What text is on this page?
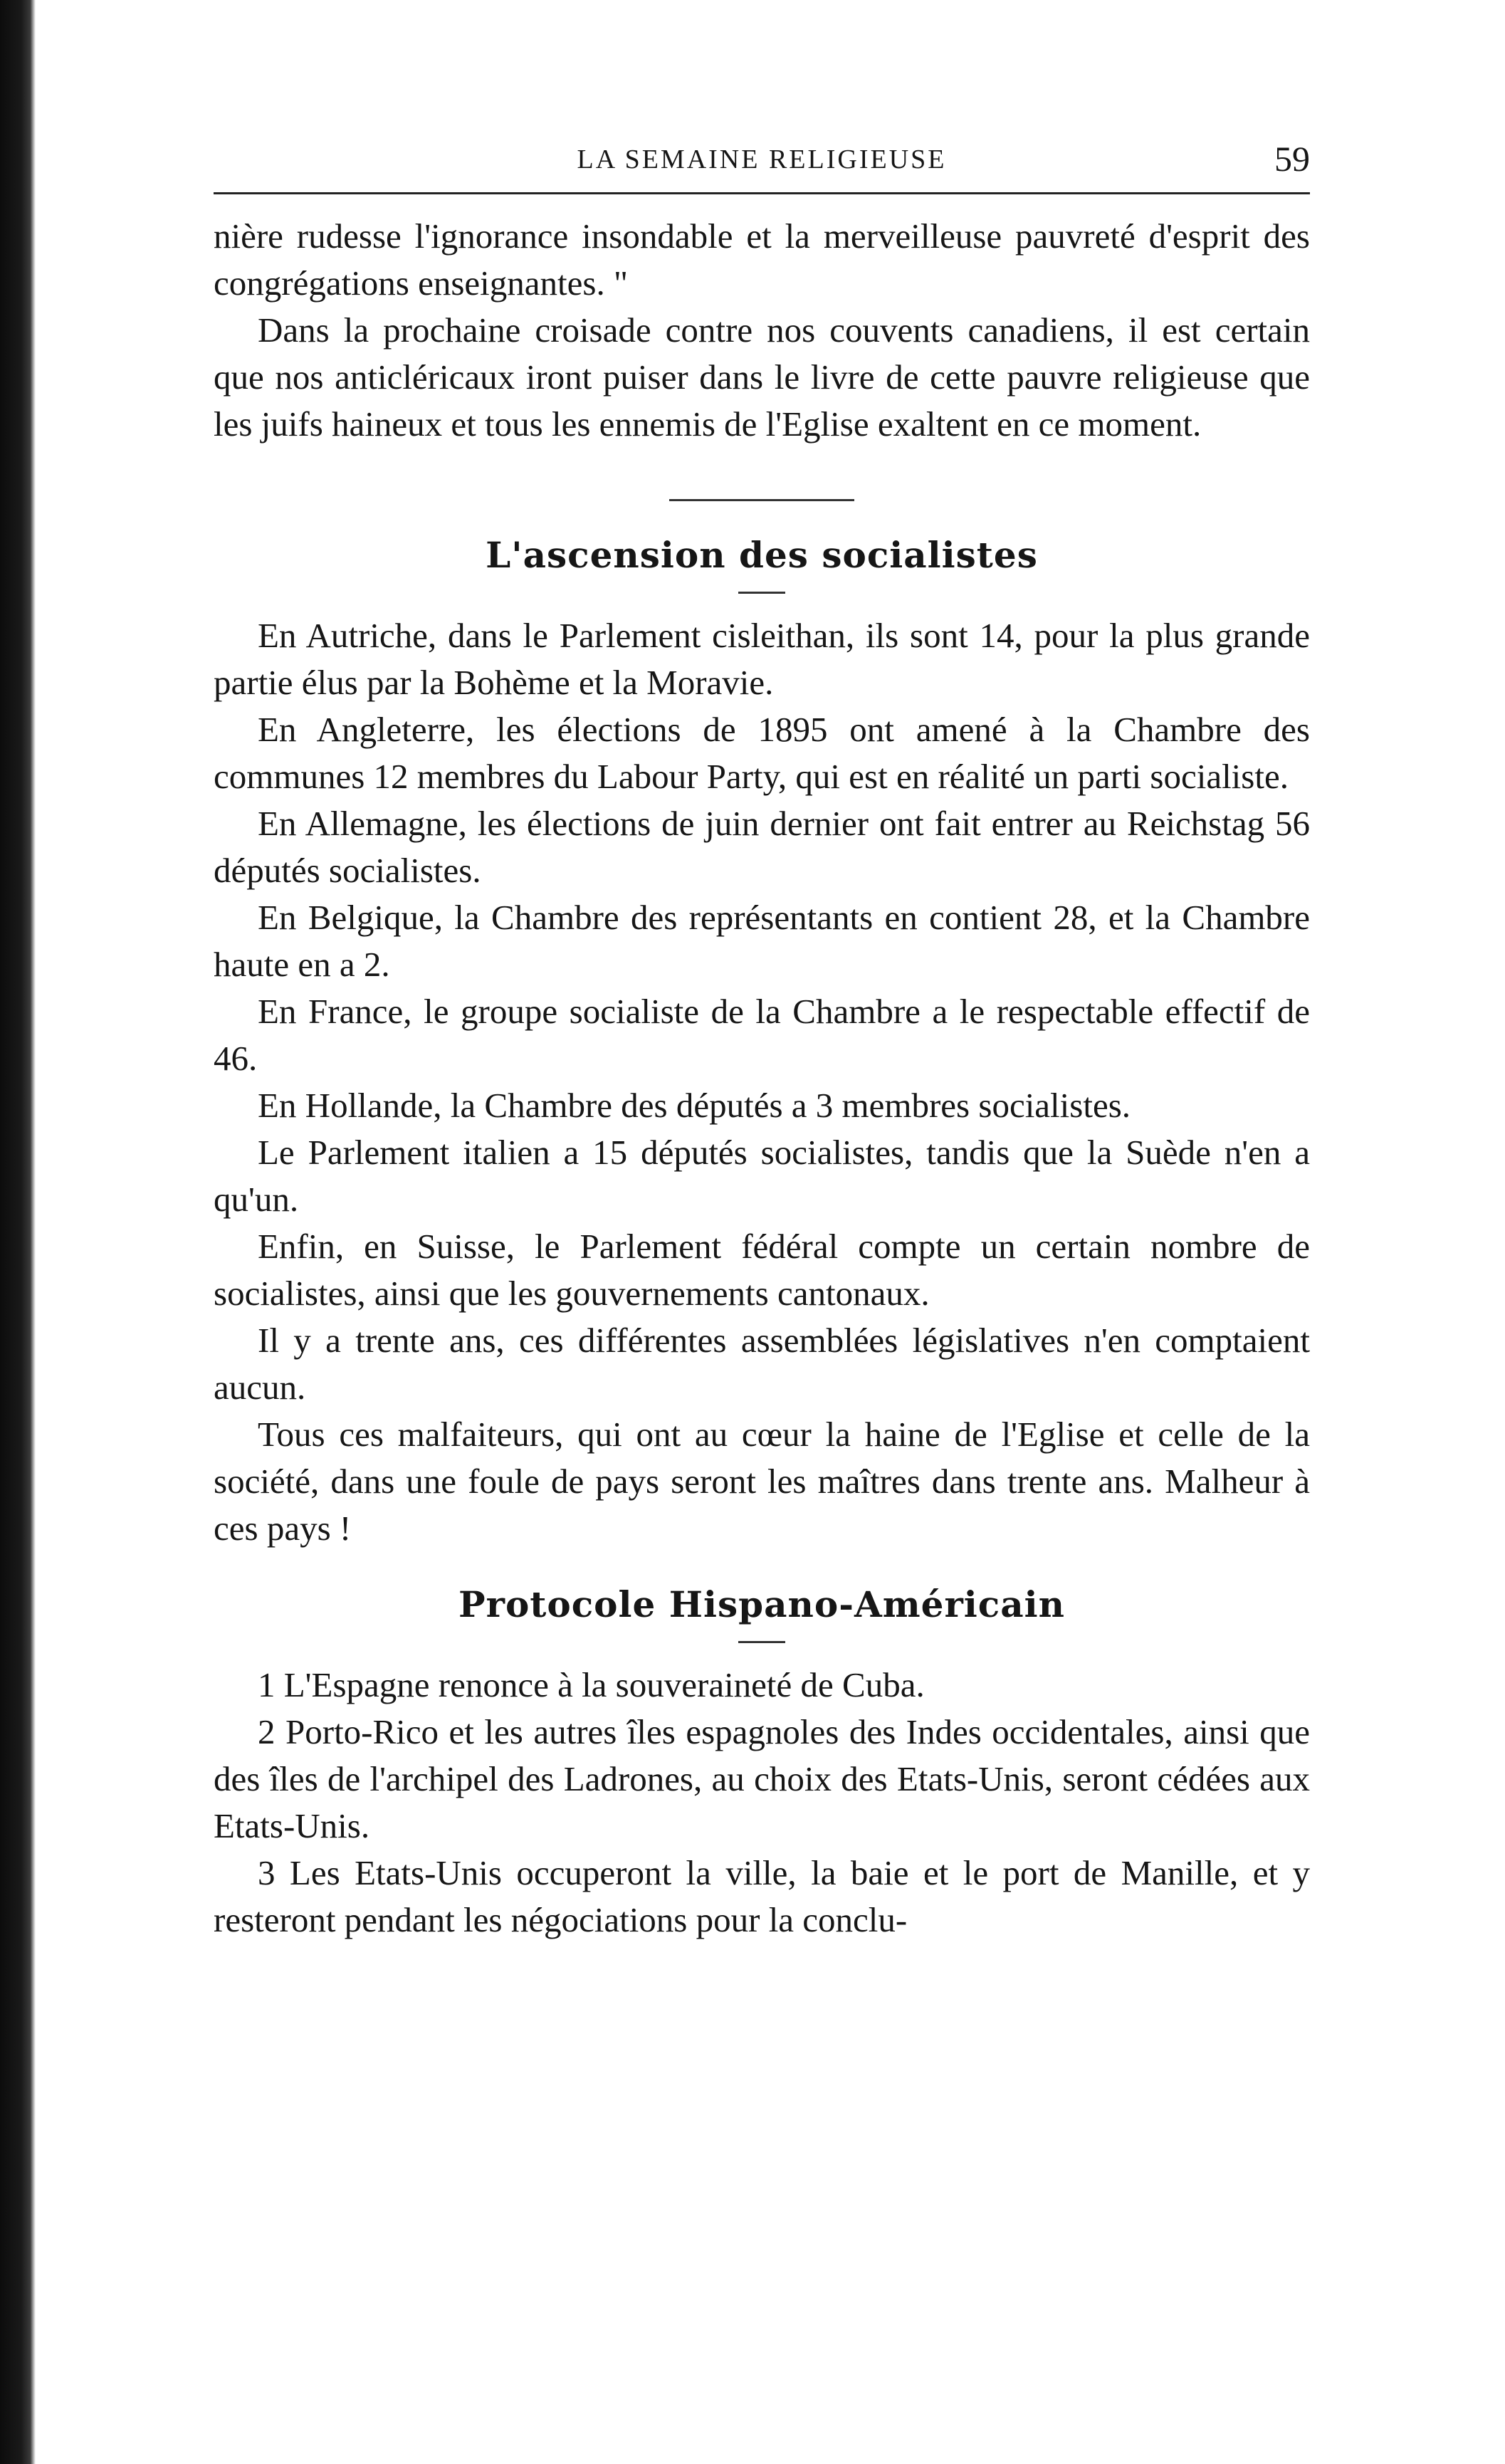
LA SEMAINE RELIGIEUSE	59

nière rudesse l'ignorance insondable et la merveilleuse pauvreté d'esprit des congrégations enseignantes. "

Dans la prochaine croisade contre nos couvents canadiens, il est certain que nos anticléricaux iront puiser dans le livre de cette pauvre religieuse que les juifs haineux et tous les ennemis de l'Eglise exaltent en ce moment.

L'ascension des socialistes

En Autriche, dans le Parlement cisleithan, ils sont 14, pour la plus grande partie élus par la Bohème et la Moravie.

En Angleterre, les élections de 1895 ont amené à la Chambre des communes 12 membres du Labour Party, qui est en réalité un parti socialiste.

En Allemagne, les élections de juin dernier ont fait entrer au Reichstag 56 députés socialistes.

En Belgique, la Chambre des représentants en contient 28, et la Chambre haute en a 2.

En France, le groupe socialiste de la Chambre a le respectable effectif de 46.

En Hollande, la Chambre des députés a 3 membres socialistes.

Le Parlement italien a 15 députés socialistes, tandis que la Suède n'en a qu'un.

Enfin, en Suisse, le Parlement fédéral compte un certain nombre de socialistes, ainsi que les gouvernements cantonaux.

Il y a trente ans, ces différentes assemblées législatives n'en comptaient aucun.

Tous ces malfaiteurs, qui ont au cœur la haine de l'Eglise et celle de la société, dans une foule de pays seront les maîtres dans trente ans. Malheur à ces pays !

Protocole Hispano-Américain

1 L'Espagne renonce à la souveraineté de Cuba.

2 Porto-Rico et les autres îles espagnoles des Indes occidentales, ainsi que des îles de l'archipel des Ladrones, au choix des Etats-Unis, seront cédées aux Etats-Unis.

3 Les Etats-Unis occuperont la ville, la baie et le port de Manille, et y resteront pendant les négociations pour la conclu-
